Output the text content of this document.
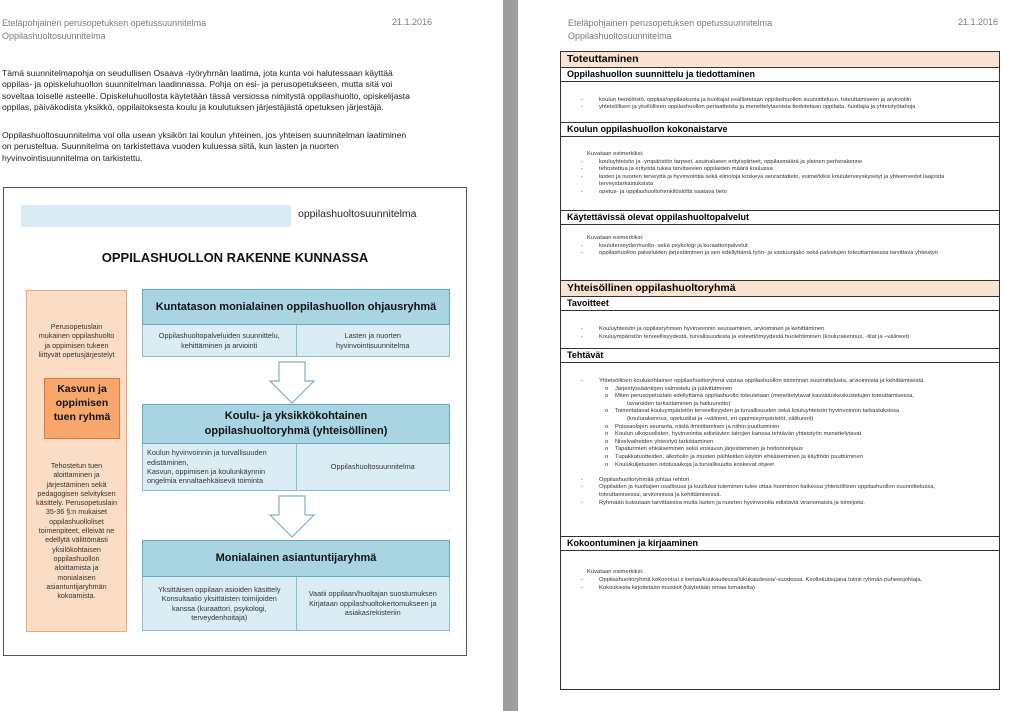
Eteläpohjainen perusopetuksen opetussuunnitelma
Oppilashuoltosuunnitelma
21.1.2016
Tämä suunnitelmapohja on seudullisen Osaava -työryhmän laatima, jota kunta voi halutessaan käyttää
oppilas- ja opiskeluhuollon suunnitelman laadinnassa. Pohja on esi- ja perusopetukseen, mutta sitä voi
soveltaa toiselle asteelle. Opiskeluhuollosta käytetään tässä versiossa nimitystä oppilashuolto, opiskelijasta
oppilas, päiväkodista yksikkö, oppilaitoksesta koulu ja koulutuksen järjestäjästä opetuksen järjestäjä.
Oppilashuoltosuunnitelma voi olla usean yksikön tai koulun yhteinen, jos yhteisen suunnitelman laatiminen
on perusteltua. Suunnitelma on tarkistettava vuoden kuluessa siitä, kun lasten ja nuorten
hyvinvointisuunnitelma on tarkistettu.
oppilashuoltosuunnitelma
OPPILASHUOLLON RAKENNE KUNNASSA
Perusopetuslain
mukainen oppilashuolto
ja oppimisen tukeen
liittyvät opetusjärjestelyt
Kasvun ja
oppimisen
tuen ryhmä
Tehostetun tuen
aloittaminen ja
järjestäminen sekä
pedagogisen selvityksen
käsittely. Perusopetuslain
35-36 §:n mukaiset
oppilashuolloliset
toimenpiteet, elleivät ne
edellytä välittömästi
yksilökohtaisen
oppilashuollon
aloittamista ja
monialaisen
asiantuntijaryhmän
kokoamista.
Kuntatason monialainen oppilashuollon ohjausryhmä
Oppilashuoltopalveluiden suunnittelu,
kehittäminen ja arviointi
Lasten ja nuorten
hyvinvointisuunnitelma
Koulu- ja yksikkökohtainen
oppilashuoltoryhmä (yhteisöllinen)
Koulun hyvinvoinnin ja turvallisuuden
edistäminen,
Kasvun, oppimisen ja koulunkäynnin
ongelmia ennaltaehkäisevä toiminta
Oppilashuoltosuunnitelma
Monialainen asiantuntijaryhmä
Yksittäisen oppilaan asioiden käsittely
Konsultaatio yksittäisten toimijoiden
kanssa (kuraattori, psykologi,
terveydenhoitaja)
Vaatii oppilaan/huoltajan suostumuksen
Kirjataan oppilashuoltokertomukseen ja
asiakasrekisteriin
Eteläpohjainen perusopetuksen opetussuunnitelma
Oppilashuoltosuunnitelma
21.1.2016
Toteuttaminen
Oppilashuollon suunnittelu ja tiedottaminen
-	koulun henkilöstö, oppilas/oppilaskunta ja huoltajat osallistetaan oppilashuollon suunnitteluun, toteuttamiseen ja arviointiin
-	yhteisöllisen ja yksilöllisen oppilashuollon periaatteista ja menettelytavoista tiedotetaan oppilaita, huoltajia ja yhteistyötahoja
Koulun oppilashuollon kokonaistarve
Kuvataan esimerkiksi:
-	kouluyhteisön ja -ympäristön tarpeet, asuinalueen erityispiirteet, oppilasmäärä ja yleinen perherakenne
-	tehostettua ja erityistä tukea tarvitsevien oppilaiden määrä koulussa
-	lasten ja nuorten terveyttä ja hyvinvointia sekä elinoloja koskeva seurantatieto, esimerkiksi kouluterveyskyselyt ja yhteenvedot laajoista
terveystarkastuksista
-	opetus- ja oppilashuoltohenkilöstöltä saatava tieto
Käytettävissä olevat oppilashuoltopalvelut
Kuvataan esimerkiksi:
-	kouluterveydenhuolto- sekä psykologi ja kuraattoripalvelut
-	oppilashuollon palveluiden järjestäminen ja sen edellyttämä työn- ja vastuunjako sekä palvelujen toteuttamisessa tarvittava yhteistyö
Yhteisöllinen oppilashuoltoryhmä
Tavoitteet
-	Kouluyhteisön ja oppilasryhmien hyvinvoinnin seuraaminen, arvioiminen ja kehittäminen
-	Kouluympäristön terveellisyydestä, turvallisuudesta ja esteettömyydestä huolehtiminen (koulurakennus, -tilat ja –välineet)
Tehtävät
-	Yhteisöllinen koulukohtainen oppilashuoltoryhmä vastaa oppilashuollon toiminnan suunnittelusta, arvioinnista ja kehittämisestä.
o Järjestyssääntöjen valmistelu ja päivittäminen
o Miten perusopetuslain edellyttämä oppilashuolto toteutetaan (menettelytavat kasvatuskeskustelujen toteuttamisessa,
tavaroiden tarkastaminen ja haltuunotto)
o Toimintatavat kouluympäristön terveellisyyden ja turvallisuuden sekä kouluyhteisön hyvinvoinnin tarkastuksissa
(koulurakennus, opetustilat ja –välineet, eri oppimisympäristöt, välitunnit)
o Poissaolojen seuranta, niistä ilmoittaminen ja niihin puuttuminen
o Koulun ulkopuolisten, hyvinvointia edistävien tahojen kanssa tehtävän yhteistyön menettelytavat
o Nivelvaiheiden yhteistyö tarkistaminen
o Tapaturmien ehkäiseminen sekä ensiavun järjestäminen ja hoitoonohjaus
o Tupakkatuotteiden, alkoholin ja muiden päihteiden käytön ehkäiseminen ja käyttöön puuttuminen
o Koulukuljetusten odotusaikoja ja turvallisuutta koskevat ohjeet
-	Oppilashuoltoryhmää johtaa rehtori
-	Oppilaiden ja huoltajien osallisuus ja kuulluksi tuleminen tulee ottaa huomioon kaikessa yhteisöllisen oppilashuollon suunnittelussa,
toteuttamisessa, arvioinnissa ja kehittämisessä.
-	Ryhmään kutsutaan tarvittaessa muita lasten ja nuorten hyvinvointia edistäviä viranomaisia ja toimijoita.
Kokoontuminen ja kirjaaminen
Kuvataan esimerkiksi:
-	Oppilashuoltoryhmä kokoontuu x kertaa/kuukaudessa/lukukaudessa/-vuodessa. Koollekutsujana toimii ryhmän puheenjohtaja.
-	Kokouksista kirjoitetaan muistiot (käytetään omaa lomaketta)
